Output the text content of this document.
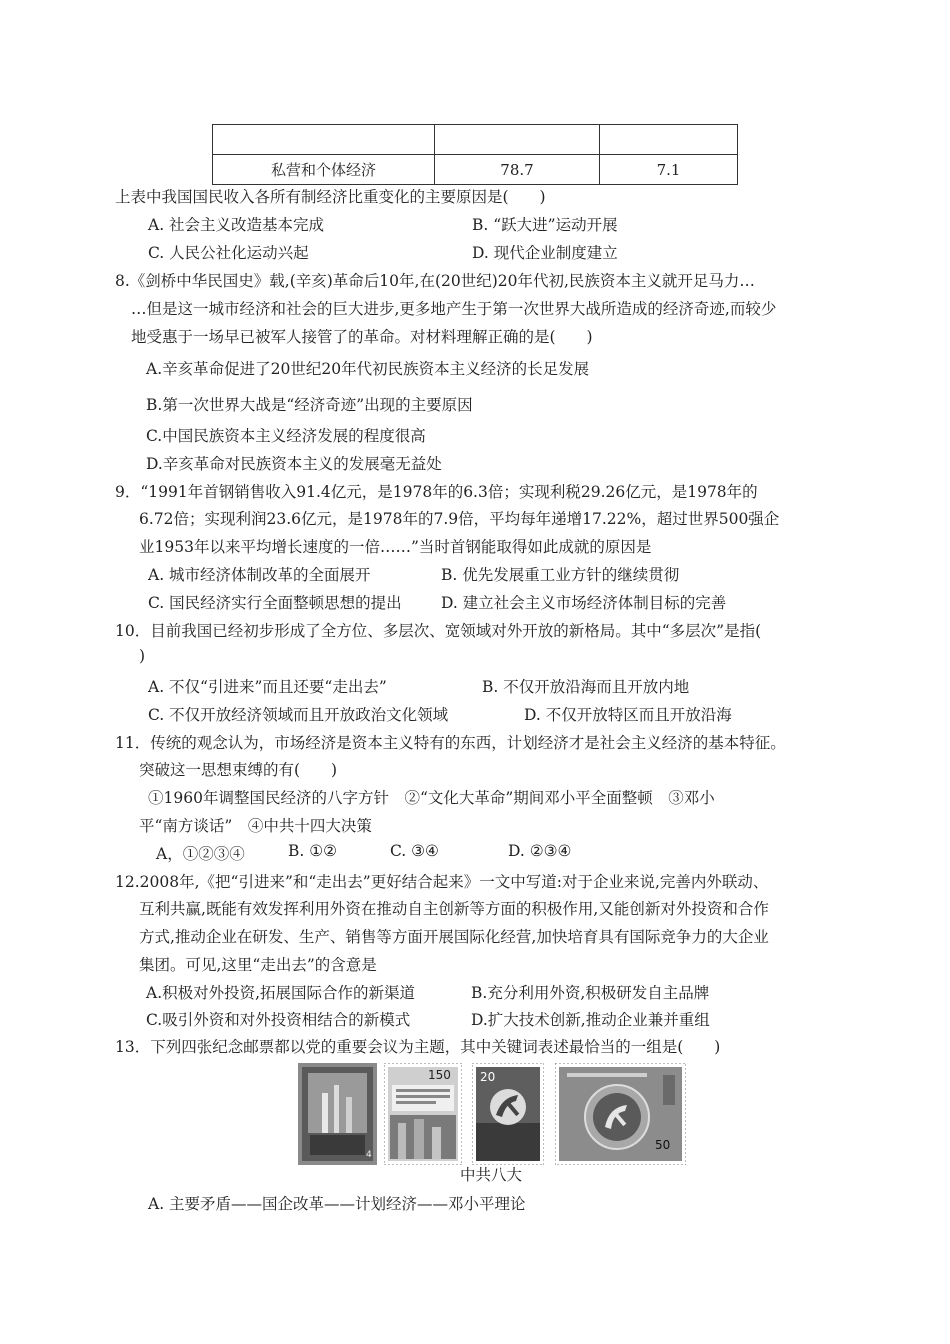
私营和个体经济	78.7	7.1
上表中我国国民收入各所有制经济比重变化的主要原因是(　　)
A. 社会主义改造基本完成	B. “跃大进”运动开展
C. 人民公社化运动兴起	D. 现代企业制度建立
8.《剑桥中华民国史》载,(辛亥)革命后10年,在(20世纪)20年代初,民族资本主义就开足马力…
…但是这一城市经济和社会的巨大进步,更多地产生于第一次世界大战所造成的经济奇迹,而较少
地受惠于一场早已被军人接管了的革命。对材料理解正确的是(　　)
A.辛亥革命促进了20世纪20年代初民族资本主义经济的长足发展
B.第一次世界大战是“经济奇迹”出现的主要原因
C.中国民族资本主义经济发展的程度很高
D.辛亥革命对民族资本主义的发展毫无益处
9．“1991年首钢销售收入91.4亿元，是1978年的6.3倍；实现利税29.26亿元，是1978年的
6.72倍；实现利润23.6亿元，是1978年的7.9倍，平均每年递增17.22%，超过世界500强企
业1953年以来平均增长速度的一倍……”当时首钢能取得如此成就的原因是
A. 城市经济体制改革的全面展开	B. 优先发展重工业方针的继续贯彻
C. 国民经济实行全面整顿思想的提出	D. 建立社会主义市场经济体制目标的完善
10．目前我国已经初步形成了全方位、多层次、宽领域对外开放的新格局。其中“多层次”是指(
)
A. 不仅“引进来”而且还要“走出去”	B. 不仅开放沿海而且开放内地
C. 不仅开放经济领域而且开放政治文化领域	D. 不仅开放特区而且开放沿海
11．传统的观念认为，市场经济是资本主义特有的东西，计划经济才是社会主义经济的基本特征。
突破这一思想束缚的有(　　)
①1960年调整国民经济的八字方针　②“文化大革命”期间邓小平全面整顿　③邓小
平“南方谈话”　④中共十四大决策
A，①②③④	B. ①②	C. ③④	D. ②③④
12.2008年,《把“引进来”和“走出去”更好结合起来》一文中写道:对于企业来说,完善内外联动、
互利共赢,既能有效发挥利用外资在推动自主创新等方面的积极作用,又能创新对外投资和合作
方式,推动企业在研发、生产、销售等方面开展国际化经营,加快培育具有国际竞争力的大企业
集团。可见,这里“走出去”的含意是
A.积极对外投资,拓展国际合作的新渠道	B.充分利用外资,积极研发自主品牌
C.吸引外资和对外投资相结合的新模式	D.扩大技术创新,推动企业兼并重组
13．下列四张纪念邮票都以党的重要会议为主题，其中关键词表述最恰当的一组是(　　)
4
150 20
50
中共八大
A. 主要矛盾——国企改革——计划经济——邓小平理论
